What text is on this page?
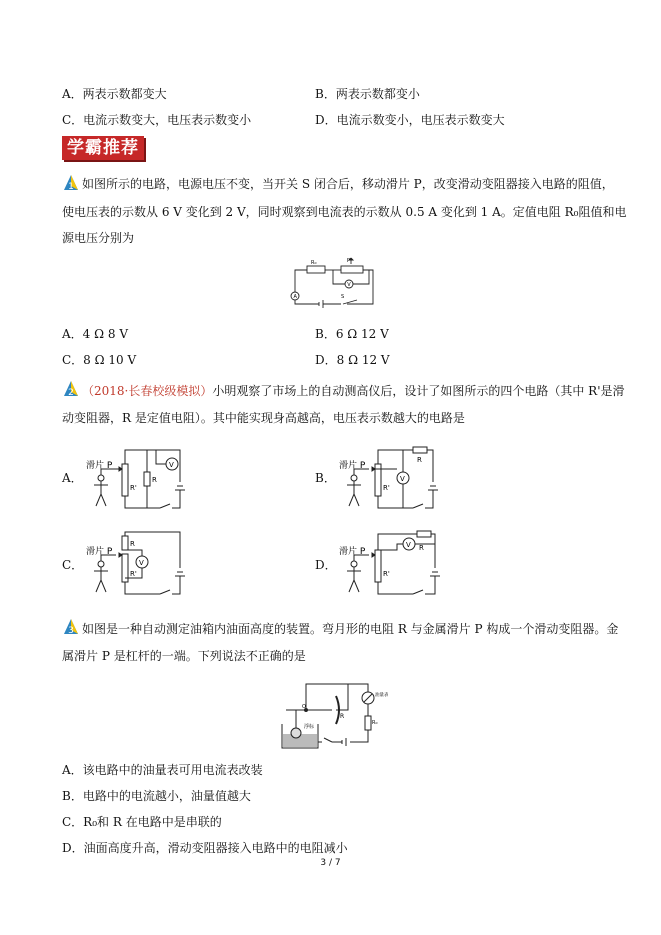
A．两表示数都变大	B．两表示数都变小
C．电流示数变大，电压表示数变小	D．电流示数变小，电压表示数变大
学霸推荐
1 如图所示的电路，电源电压不变，当开关 S 闭合后，移动滑片 P，改变滑动变阻器接入电路的阻值，
使电压表的示数从 6 V 变化到 2 V，同时观察到电流表的示数从 0.5 A 变化到 1 A。定值电阻 R₀阻值和电
源电压分别为
R₀	P
A
V
S
A．4 Ω 8 V	B．6 Ω 12 V
C．8 Ω 10 V	D．8 Ω 12 V
2 （2018·长春校级模拟）小明观察了市场上的自动测高仪后，设计了如图所示的四个电路（其中 R'是滑
动变阻器，R 是定值电阻）。其中能实现身高越高，电压表示数越大的电路是
A．	B．
C．	D．
滑片 P
R'
R
V	滑片 P
R'
R
V
滑片 P
R'
R
V
滑片 P
R'
R
V
3 如图是一种自动测定油箱内油面高度的装置。弯月形的电阻 R 与金属滑片 P 构成一个滑动变阻器。金
属滑片 P 是杠杆的一端。下列说法不正确的是
O
浮标
R
R₀
油量表
A．该电路中的油量表可用电流表改装
B．电路中的电流越小，油量值越大
C．R₀和 R 在电路中是串联的
D．油面高度升高，滑动变阻器接入电路中的电阻减小
3 / 7
